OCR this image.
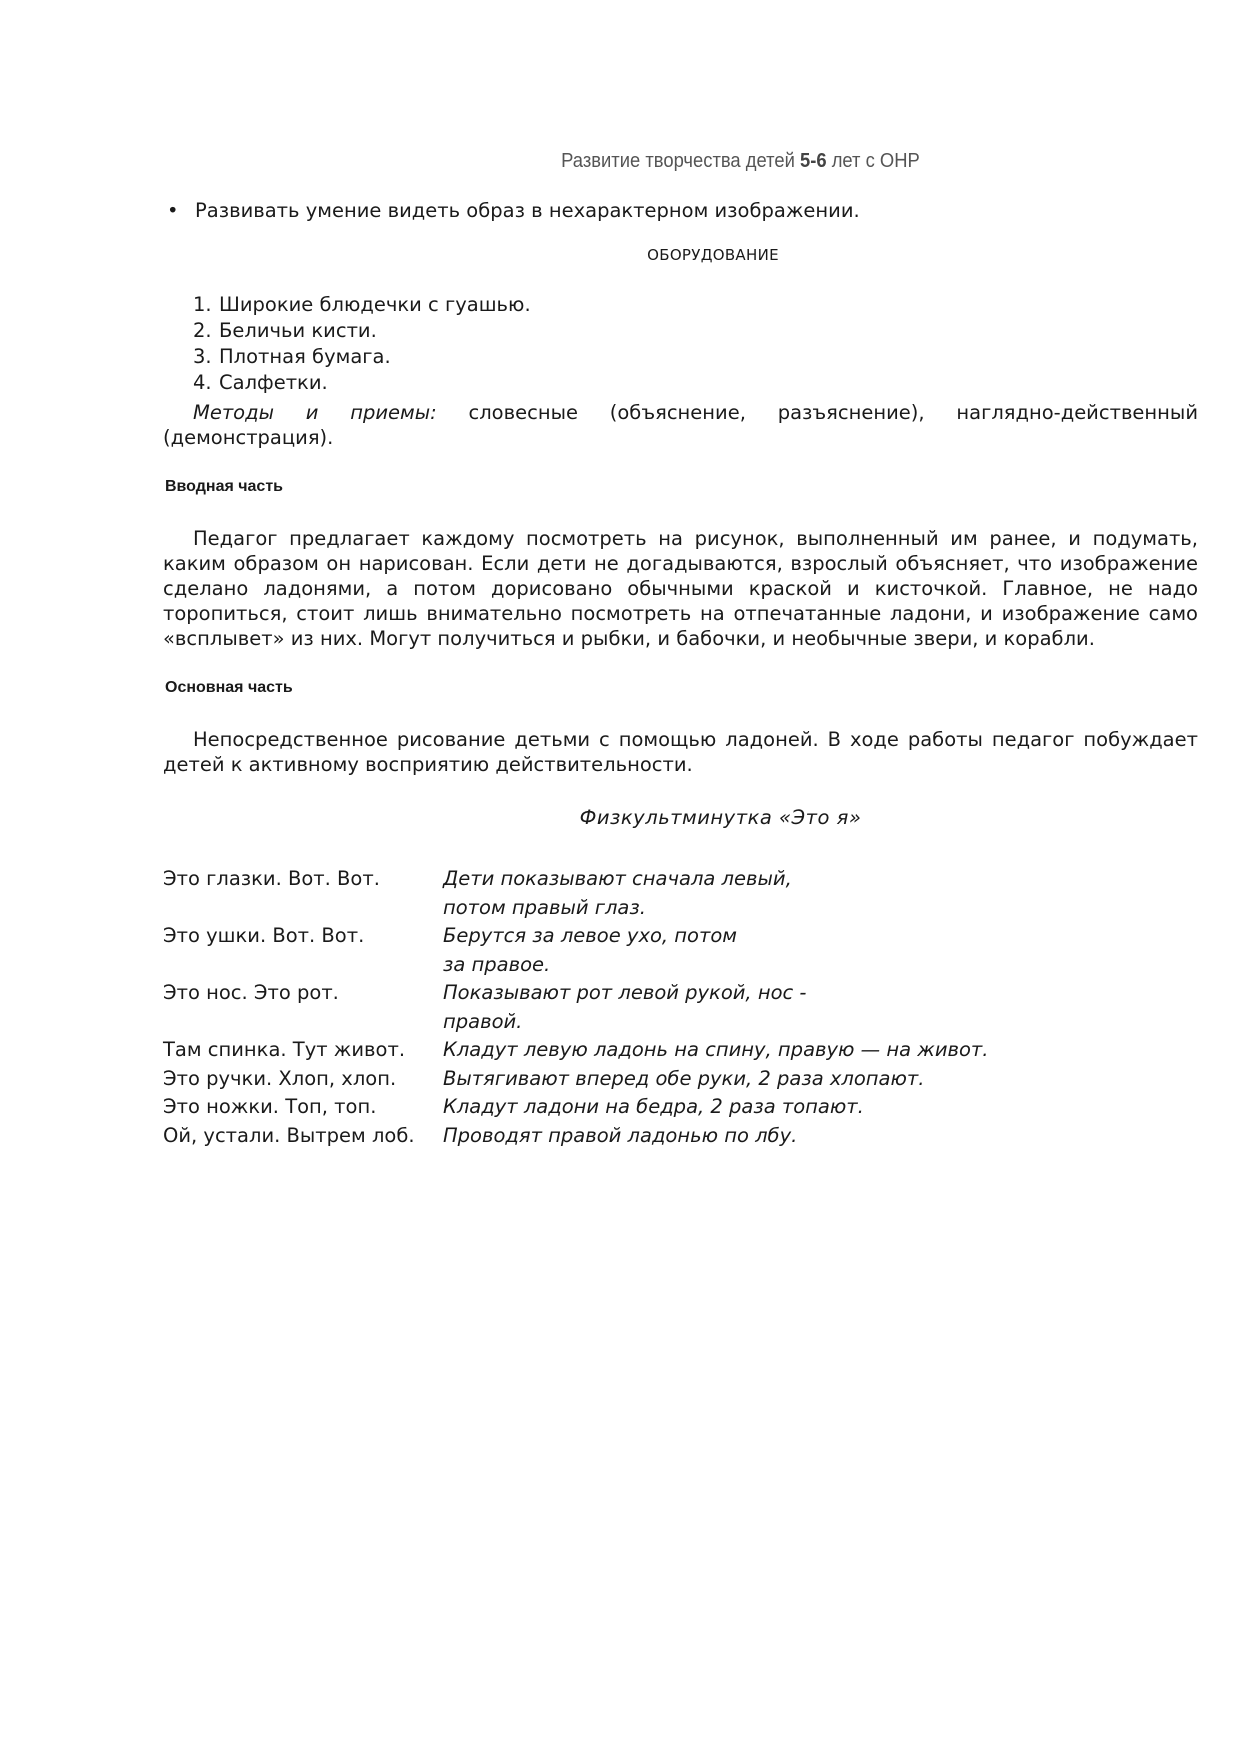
Развитие творчества детей 5-6 лет с ОНР
• Развивать умение видеть образ в нехарактерном изображении.
ОБОРУДОВАНИЕ
1. Широкие блюдечки с гуашью.
2. Беличьи кисти.
3. Плотная бумага.
4. Салфетки.
Методы и приемы: словесные (объяснение, разъяснение), наглядно-действенный (демонстрация).
Вводная часть
Педагог предлагает каждому посмотреть на рисунок, выполненный им ранее, и подумать, каким образом он нарисован. Если дети не догадываются, взрослый объясняет, что изображение сделано ладонями, а потом дорисовано обычными краской и кисточкой. Главное, не надо торопиться, стоит лишь внимательно посмотреть на отпечатанные ладони, и изображение само «всплывет» из них. Могут получиться и рыбки, и бабочки, и необычные звери, и корабли.
Основная часть
Непосредственное рисование детьми с помощью ладоней. В ходе работы педагог побуждает детей к активному восприятию действительности.
Физкультминутка «Это я»
Это глазки. Вот. Вот.	Дети показывают сначала левый,
потом правый глаз.
Это ушки. Вот. Вот.	Берутся за левое ухо, потом
за правое.
Это нос. Это рот.	Показывают рот левой рукой, нос -
правой.
Там спинка. Тут живот.	Кладут левую ладонь на спину, правую — на живот.
Это ручки. Хлоп, хлоп.	Вытягивают вперед обе руки, 2 раза хлопают.
Это ножки. Топ, топ.	Кладут ладони на бедра, 2 раза топают.
Ой, устали. Вытрем лоб.	Проводят правой ладонью по лбу.
